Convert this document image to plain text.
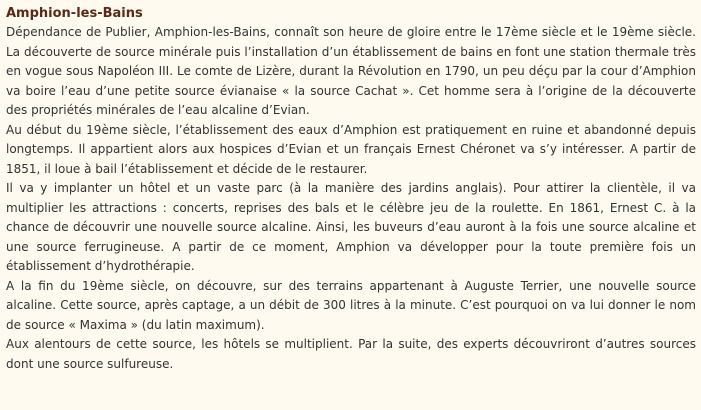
Amphion-les-Bains

Dépendance de Publier, Amphion-les-Bains, connaît son heure de gloire entre le 17ème siècle et le 19ème siècle. La découverte de source minérale puis l’installation d’un établissement de bains en font une station thermale très en vogue sous Napoléon III. Le comte de Lizère, durant la Révolution en 1790, un peu déçu par la cour d’Amphion va boire l’eau d’une petite source évianaise « la source Cachat ». Cet homme sera à l’origine de la découverte des propriétés minérales de l’eau alcaline d’Evian.

Au début du 19ème siècle, l’établissement des eaux d’Amphion est pratiquement en ruine et abandonné depuis longtemps. Il appartient alors aux hospices d’Evian et un français Ernest Chéronet va s’y intéresser. A partir de 1851, il loue à bail l’établissement et décide de le restaurer.

Il va y implanter un hôtel et un vaste parc (à la manière des jardins anglais). Pour attirer la clientèle, il va multiplier les attractions : concerts, reprises des bals et le célèbre jeu de la roulette. En 1861, Ernest C. à la chance de découvrir une nouvelle source alcaline. Ainsi, les buveurs d’eau auront à la fois une source alcaline et une source ferrugineuse. A partir de ce moment, Amphion va développer pour la toute première fois un établissement d’hydrothérapie.

A la fin du 19ème siècle, on découvre, sur des terrains appartenant à Auguste Terrier, une nouvelle source alcaline. Cette source, après captage, a un débit de 300 litres à la minute. C’est pourquoi on va lui donner le nom de source « Maxima » (du latin maximum).

Aux alentours de cette source, les hôtels se multiplient. Par la suite, des experts découvriront d’autres sources dont une source sulfureuse.
